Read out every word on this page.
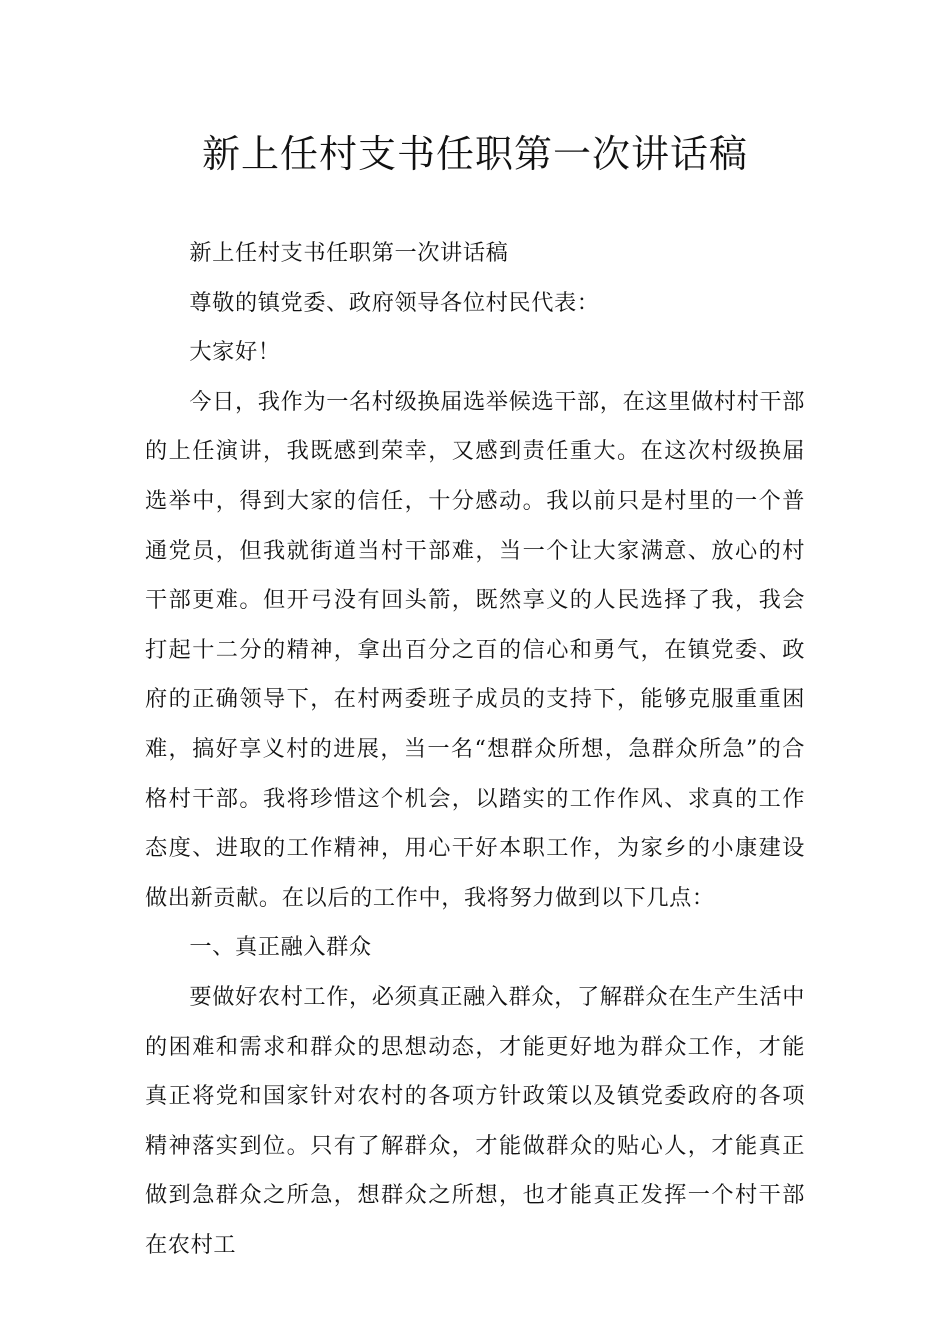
新上任村支书任职第一次讲话稿

新上任村支书任职第一次讲话稿

尊敬的镇党委、政府领导各位村民代表：

大家好！

今日，我作为一名村级换届选举候选干部，在这里做村村干部的上任演讲，我既感到荣幸，又感到责任重大。在这次村级换届选举中，得到大家的信任，十分感动。我以前只是村里的一个普通党员，但我就街道当村干部难，当一个让大家满意、放心的村干部更难。但开弓没有回头箭，既然享义的人民选择了我，我会打起十二分的精神，拿出百分之百的信心和勇气，在镇党委、政府的正确领导下，在村两委班子成员的支持下，能够克服重重困难，搞好享义村的进展，当一名“想群众所想，急群众所急”的合格村干部。我将珍惜这个机会，以踏实的工作作风、求真的工作态度、进取的工作精神，用心干好本职工作，为家乡的小康建设做出新贡献。在以后的工作中，我将努力做到以下几点：

一、真正融入群众

要做好农村工作，必须真正融入群众，了解群众在生产生活中的困难和需求和群众的思想动态，才能更好地为群众工作，才能真正将党和国家针对农村的各项方针政策以及镇党委政府的各项精神落实到位。只有了解群众，才能做群众的贴心人，才能真正做到急群众之所急，想群众之所想，也才能真正发挥一个村干部在农村工
